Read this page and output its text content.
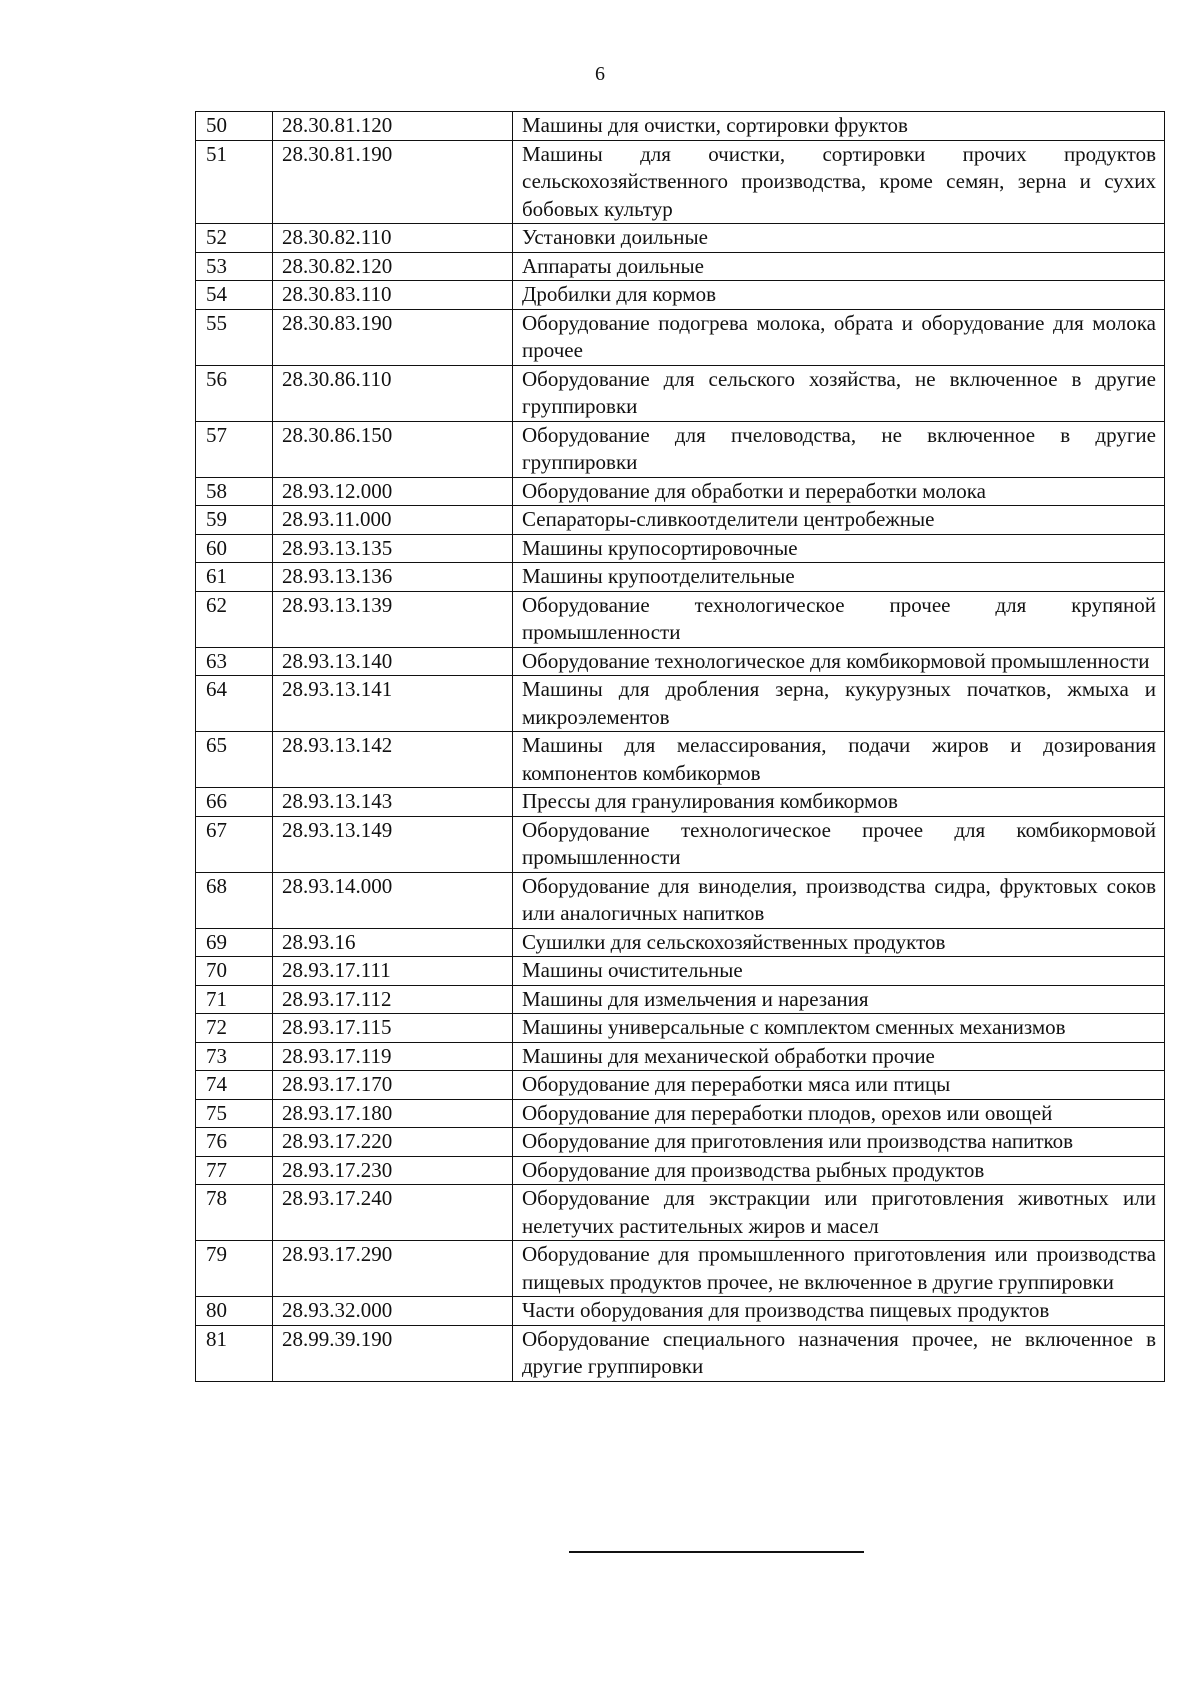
6
50	28.30.81.120	Машины для очистки, сортировки фруктов
51	28.30.81.190	Машины для очистки, сортировки прочих продуктов сельскохозяйственного производства, кроме семян, зерна и сухих бобовых культур
52	28.30.82.110	Установки доильные
53	28.30.82.120	Аппараты доильные
54	28.30.83.110	Дробилки для кормов
55	28.30.83.190	Оборудование подогрева молока, обрата и оборудование для молока прочее
56	28.30.86.110	Оборудование для сельского хозяйства, не включенное в другие группировки
57	28.30.86.150	Оборудование для пчеловодства, не включенное в другие группировки
58	28.93.12.000	Оборудование для обработки и переработки молока
59	28.93.11.000	Сепараторы-сливкоотделители центробежные
60	28.93.13.135	Машины крупосортировочные
61	28.93.13.136	Машины крупоотделительные
62	28.93.13.139	Оборудование технологическое прочее для крупяной промышленности
63	28.93.13.140	Оборудование технологическое для комбикормовой промышленности
64	28.93.13.141	Машины для дробления зерна, кукурузных початков, жмыха и микроэлементов
65	28.93.13.142	Машины для мелассирования, подачи жиров и дозирования компонентов комбикормов
66	28.93.13.143	Прессы для гранулирования комбикормов
67	28.93.13.149	Оборудование технологическое прочее для комбикормовой промышленности
68	28.93.14.000	Оборудование для виноделия, производства сидра, фруктовых соков или аналогичных напитков
69	28.93.16	Сушилки для сельскохозяйственных продуктов
70	28.93.17.111	Машины очистительные
71	28.93.17.112	Машины для измельчения и нарезания
72	28.93.17.115	Машины универсальные с комплектом сменных механизмов
73	28.93.17.119	Машины для механической обработки прочие
74	28.93.17.170	Оборудование для переработки мяса или птицы
75	28.93.17.180	Оборудование для переработки плодов, орехов или овощей
76	28.93.17.220	Оборудование для приготовления или производства напитков
77	28.93.17.230	Оборудование для производства рыбных продуктов
78	28.93.17.240	Оборудование для экстракции или приготовления животных или нелетучих растительных жиров и масел
79	28.93.17.290	Оборудование для промышленного приготовления или производства пищевых продуктов прочее, не включенное в другие группировки
80	28.93.32.000	Части оборудования для производства пищевых продуктов
81	28.99.39.190	Оборудование специального назначения прочее, не включенное в другие группировки
